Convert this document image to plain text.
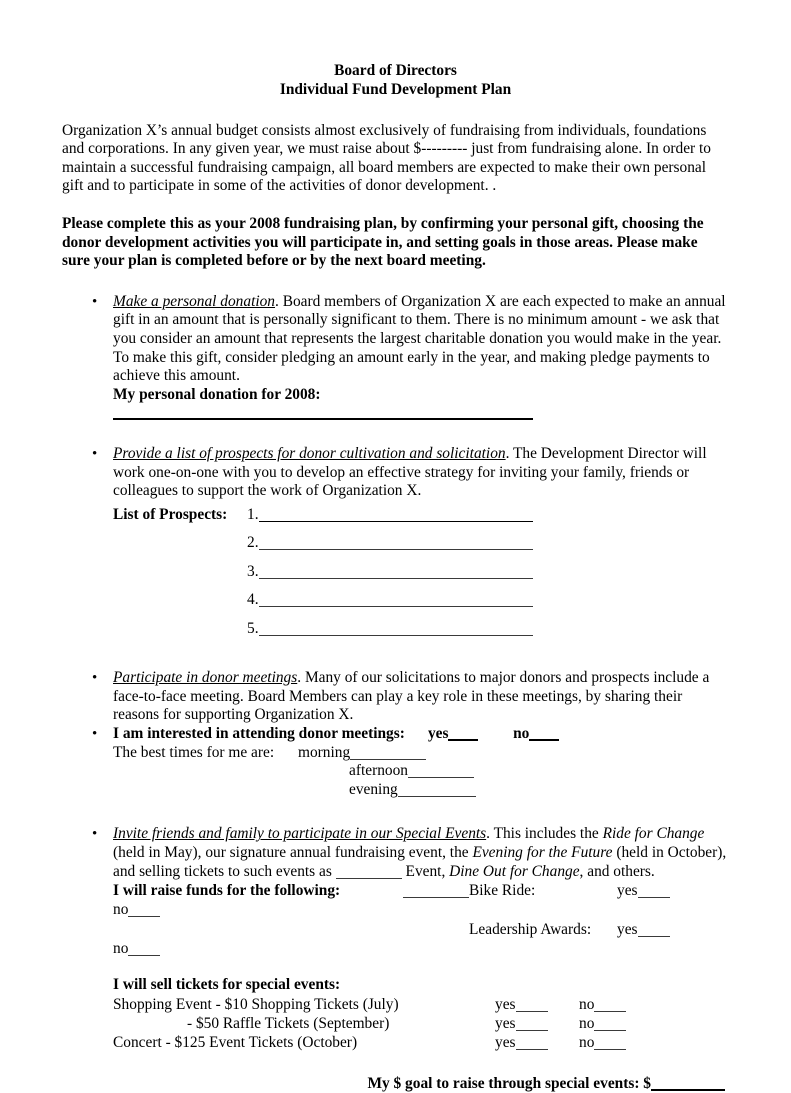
Board of Directors
Individual Fund Development Plan

Organization X’s annual budget consists almost exclusively of fundraising from individuals, foundations and corporations. In any given year, we must raise about $--------- just from fundraising alone. In order to maintain a successful fundraising campaign, all board members are expected to make their own personal gift and to participate in some of the activities of donor development. .

Please complete this as your 2008 fundraising plan, by confirming your personal gift, choosing the donor development activities you will participate in, and setting goals in those areas. Please make sure your plan is completed before or by the next board meeting.

• Make a personal donation. Board members of Organization X are each expected to make an annual gift in an amount that is personally significant to them. There is no minimum amount - we ask that you consider an amount that represents the largest charitable donation you would make in the year. To make this gift, consider pledging an amount early in the year, and making pledge payments to achieve this amount.
My personal donation for 2008:
• Provide a list of prospects for donor cultivation and solicitation. The Development Director will work one-on-one with you to develop an effective strategy for inviting your family, friends or colleagues to support the work of Organization X.
List of Prospects: 1.
2.
3.
4.
5.
• Participate in donor meetings. Many of our solicitations to major donors and prospects include a face-to-face meeting. Board Members can play a key role in these meetings, by sharing their reasons for supporting Organization X.
• I am interested in attending donor meetings: yes	no
The best times for me are: morning
afternoon
evening
• Invite friends and family to participate in our Special Events. This includes the Ride for Change (held in May), our signature annual fundraising event, the Evening for the Future (held in October), and selling tickets to such events as	Event, Dine Out for Change, and others.
I will raise funds for the following:	Bike Ride:	yesno
Leadership Awards: yesno
I will sell tickets for special events:
Shopping Event - $10 Shopping Tickets (July)	yes	no
- $50 Raffle Tickets (September)	yes	no
Concert - $125 Event Tickets (October)	yes	no
My $ goal to raise through special events: $
